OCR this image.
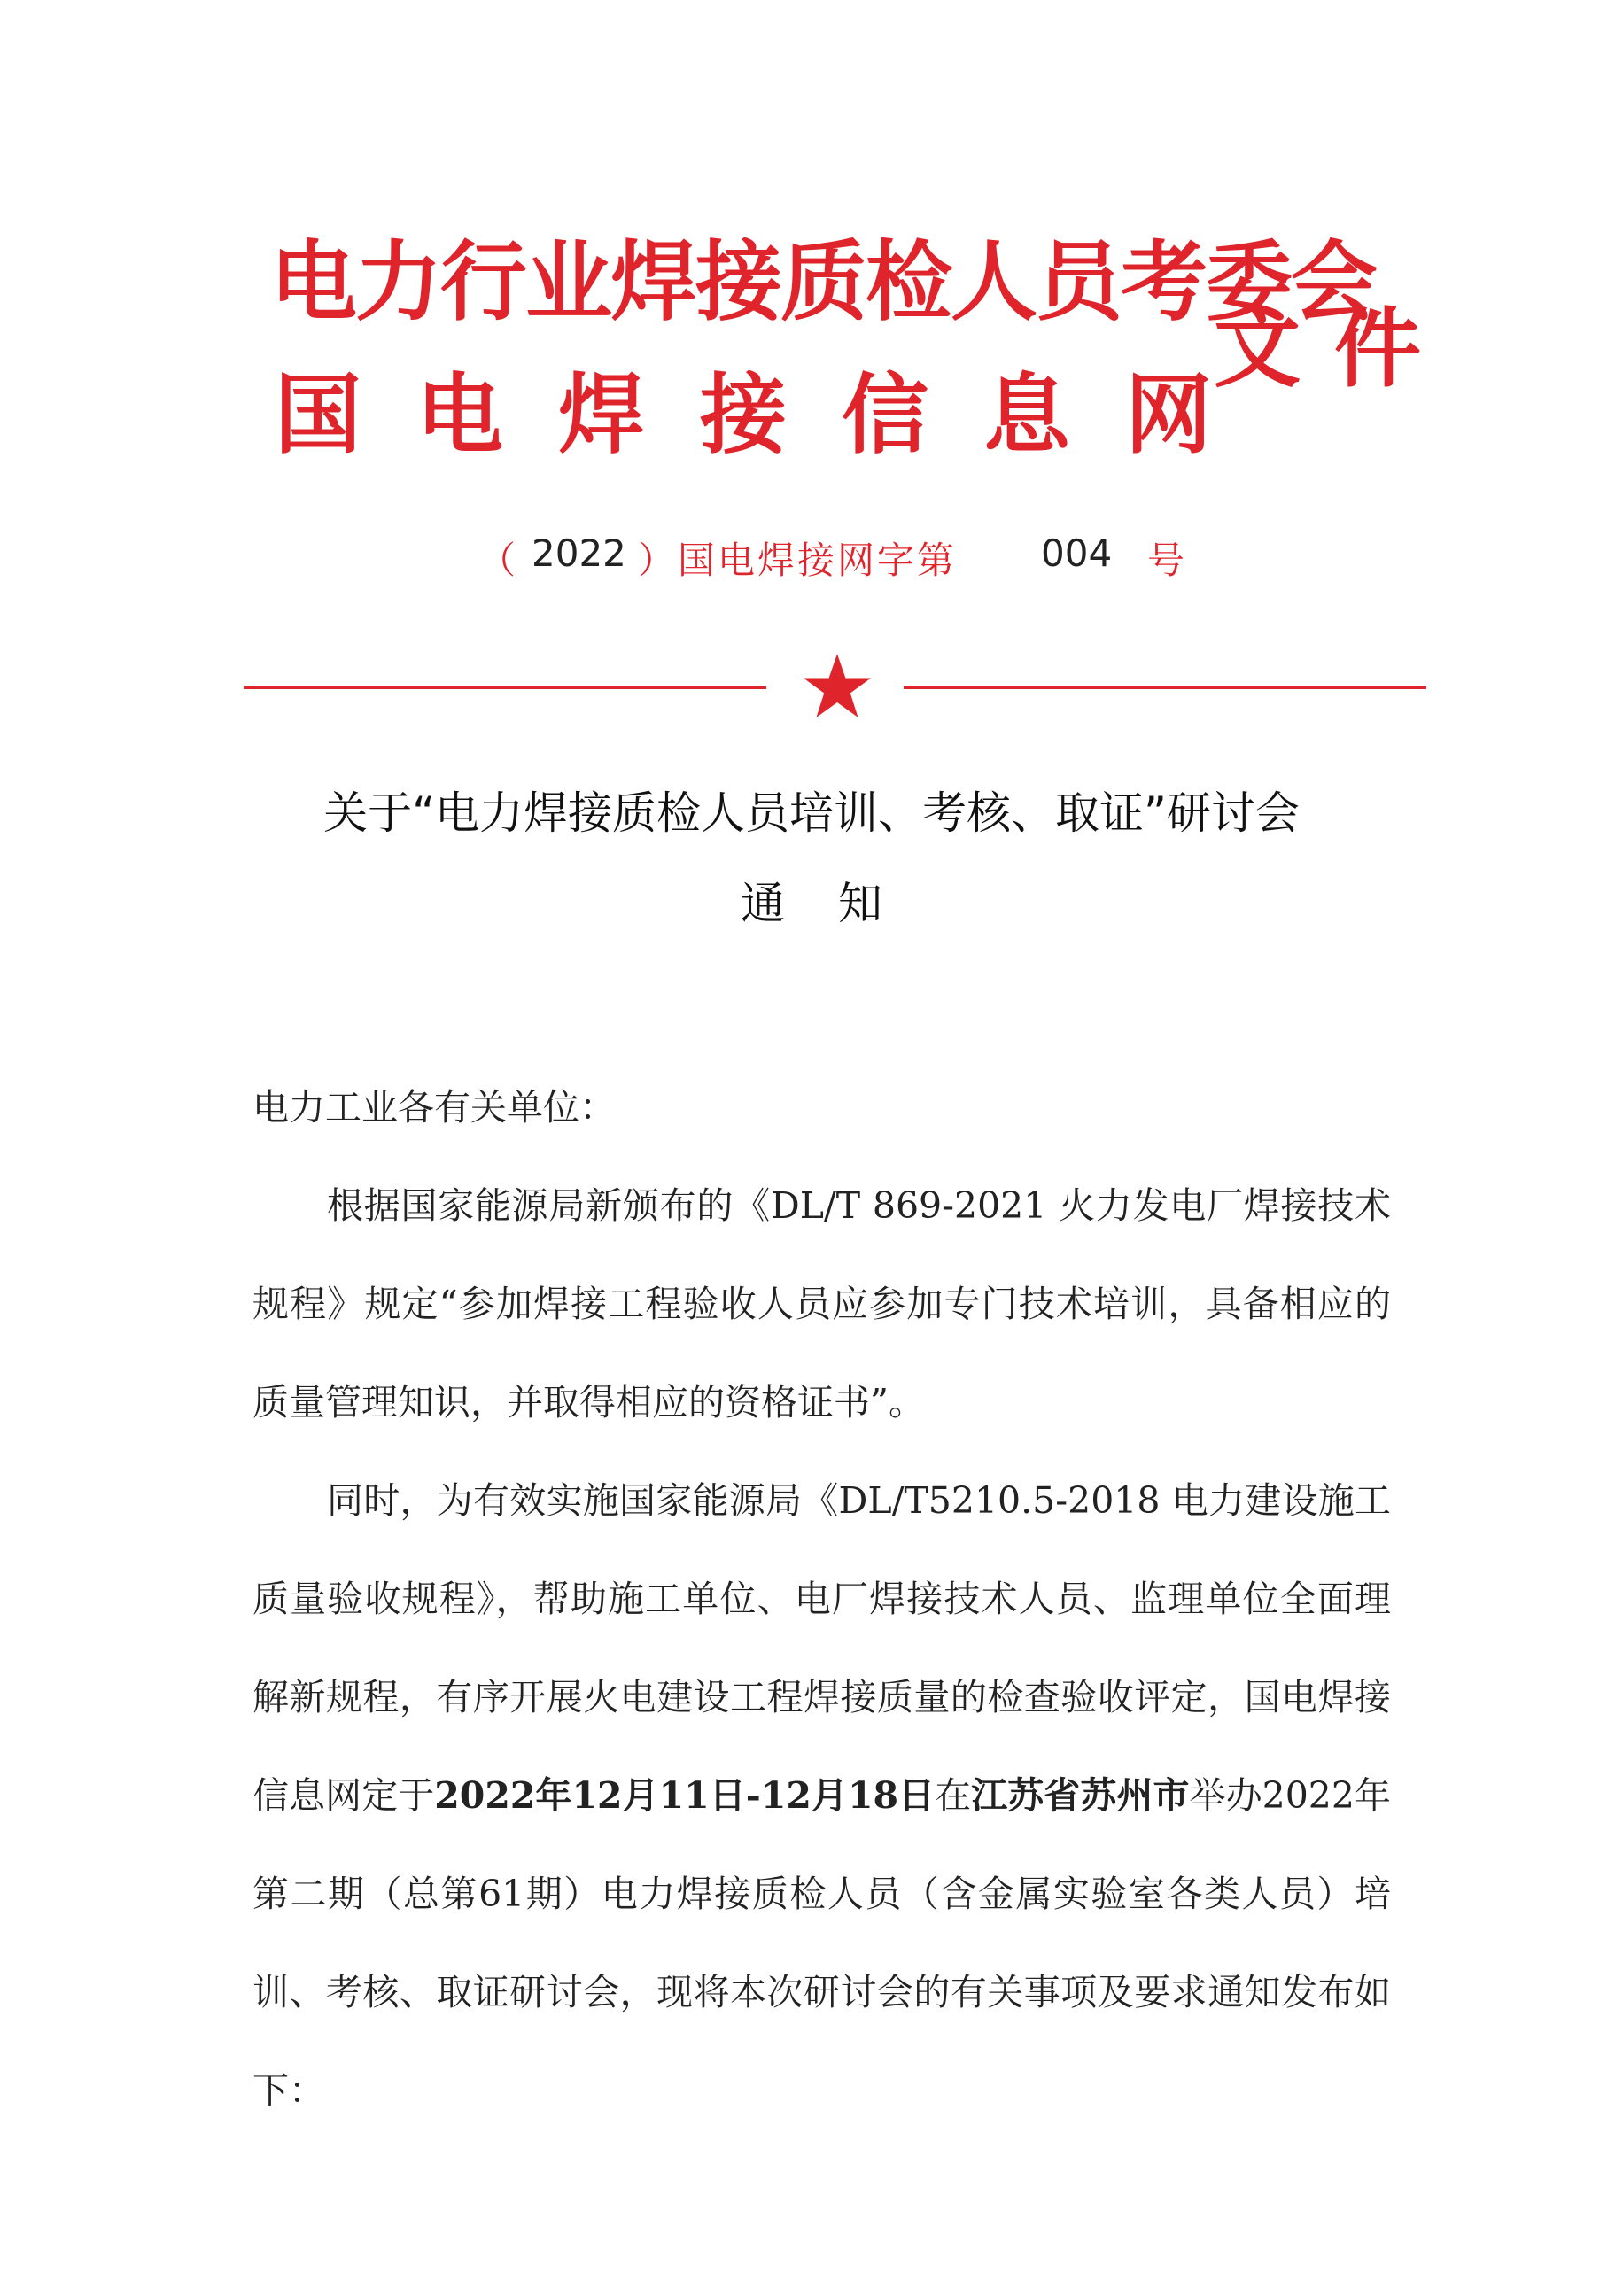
电力行业焊接质检人员考委会
国电焊接信息网
文件
（ 2022 ）国电焊接网字第 004 号
关于“电力焊接质检人员培训、考核、取证”研讨会
通知

电力工业各有关单位：

根据国家能源局新颁布的《DL/T 869-2021 火力发电厂焊接技术规程》规定“参加焊接工程验收人员应参加专门技术培训，具备相应的质量管理知识，并取得相应的资格证书”。

同时，为有效实施国家能源局《DL/T5210.5-2018 电力建设施工质量验收规程》，帮助施工单位、电厂焊接技术人员、监理单位全面理解新规程，有序开展火电建设工程焊接质量的检查验收评定，国电焊接信息网定于2022年12月11日-12月18日在江苏省苏州市举办2022年第二期（总第61期）电力焊接质检人员（含金属实验室各类人员）培训、考核、取证研讨会，现将本次研讨会的有关事项及要求通知发布如下：
